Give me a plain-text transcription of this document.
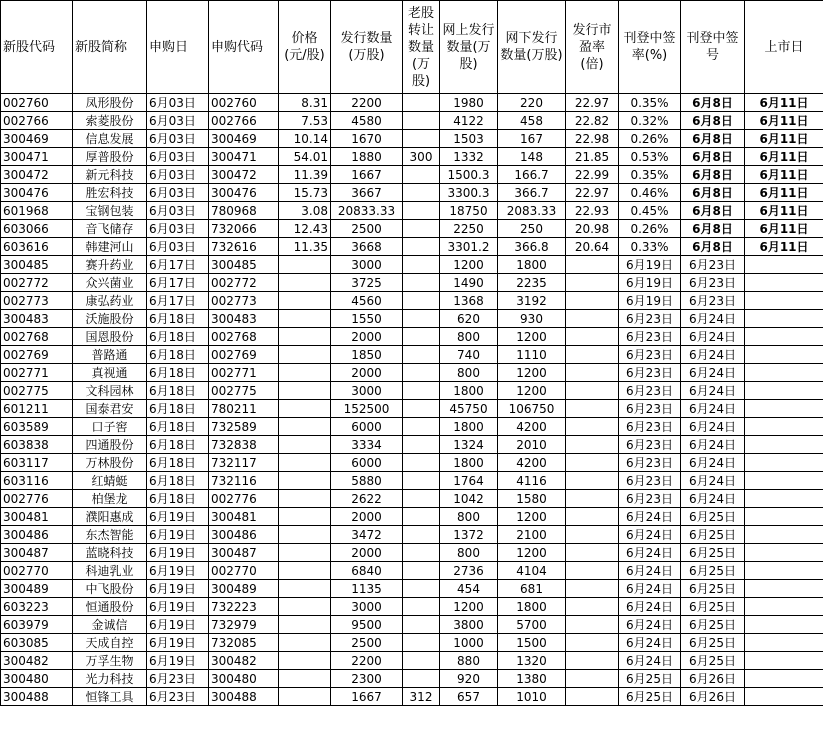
新股代码	新股简称	申购日	申购代码	价格(元/股)	发行数量(万股)	老股转让数量(万股)	网上发行数量(万股)	网下发行数量(万股)	发行市盈率(倍)	刊登中签率(%)	刊登中签号	上市日
002760	凤形股份	6月03日	002760	8.31	2200		1980	220	22.97	0.35%	6月8日	6月11日
002766	索菱股份	6月03日	002766	7.53	4580		4122	458	22.82	0.32%	6月8日	6月11日
300469	信息发展	6月03日	300469	10.14	1670		1503	167	22.98	0.26%	6月8日	6月11日
300471	厚普股份	6月03日	300471	54.01	1880	300	1332	148	21.85	0.53%	6月8日	6月11日
300472	新元科技	6月03日	300472	11.39	1667		1500.3	166.7	22.99	0.35%	6月8日	6月11日
300476	胜宏科技	6月03日	300476	15.73	3667		3300.3	366.7	22.97	0.46%	6月8日	6月11日
601968	宝钢包装	6月03日	780968	3.08	20833.33		18750	2083.33	22.93	0.45%	6月8日	6月11日
603066	音飞储存	6月03日	732066	12.43	2500		2250	250	20.98	0.26%	6月8日	6月11日
603616	韩建河山	6月03日	732616	11.35	3668		3301.2	366.8	20.64	0.33%	6月8日	6月11日
300485	赛升药业	6月17日	300485		3000		1200	1800		6月19日	6月23日	
002772	众兴菌业	6月17日	002772		3725		1490	2235		6月19日	6月23日	
002773	康弘药业	6月17日	002773		4560		1368	3192		6月19日	6月23日	
300483	沃施股份	6月18日	300483		1550		620	930		6月23日	6月24日	
002768	国恩股份	6月18日	002768		2000		800	1200		6月23日	6月24日	
002769	普路通	6月18日	002769		1850		740	1110		6月23日	6月24日	
002771	真视通	6月18日	002771		2000		800	1200		6月23日	6月24日	
002775	文科园林	6月18日	002775		3000		1800	1200		6月23日	6月24日	
601211	国泰君安	6月18日	780211		152500		45750	106750		6月23日	6月24日	
603589	口子窖	6月18日	732589		6000		1800	4200		6月23日	6月24日	
603838	四通股份	6月18日	732838		3334		1324	2010		6月23日	6月24日	
603117	万林股份	6月18日	732117		6000		1800	4200		6月23日	6月24日	
603116	红蜻蜓	6月18日	732116		5880		1764	4116		6月23日	6月24日	
002776	柏堡龙	6月18日	002776		2622		1042	1580		6月23日	6月24日	
300481	濮阳惠成	6月19日	300481		2000		800	1200		6月24日	6月25日	
300486	东杰智能	6月19日	300486		3472		1372	2100		6月24日	6月25日	
300487	蓝晓科技	6月19日	300487		2000		800	1200		6月24日	6月25日	
002770	科迪乳业	6月19日	002770		6840		2736	4104		6月24日	6月25日	
300489	中飞股份	6月19日	300489		1135		454	681		6月24日	6月25日	
603223	恒通股份	6月19日	732223		3000		1200	1800		6月24日	6月25日	
603979	金诚信	6月19日	732979		9500		3800	5700		6月24日	6月25日	
603085	天成自控	6月19日	732085		2500		1000	1500		6月24日	6月25日	
300482	万孚生物	6月19日	300482		2200		880	1320		6月24日	6月25日	
300480	光力科技	6月23日	300480		2300		920	1380		6月25日	6月26日	
300488	恒锋工具	6月23日	300488		1667	312	657	1010		6月25日	6月26日	
